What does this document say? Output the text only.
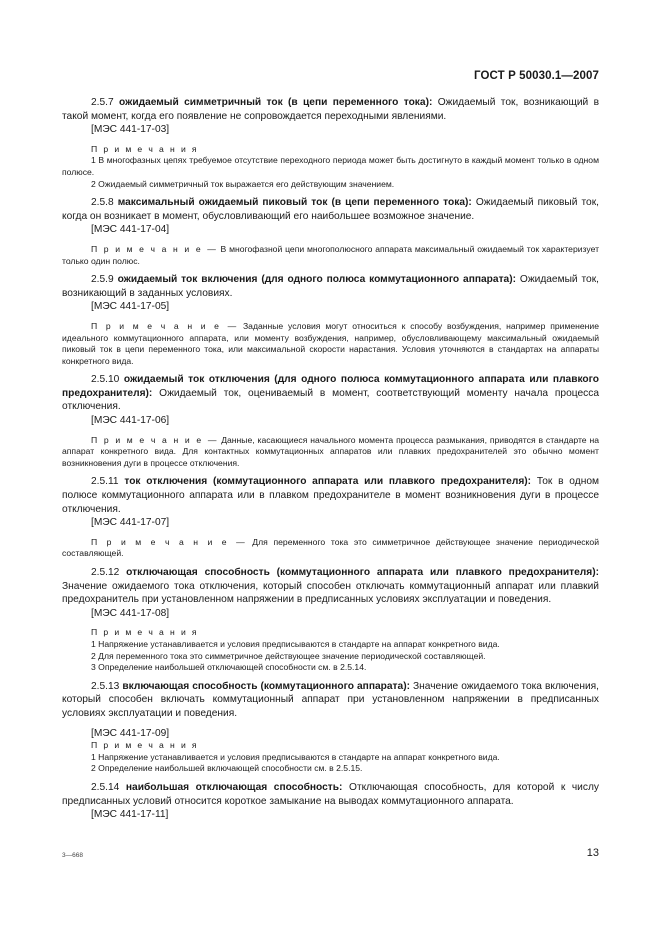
ГОСТ Р 50030.1—2007

2.5.7 ожидаемый симметричный ток (в цепи переменного тока): Ожидаемый ток, возникающий в такой момент, когда его появление не сопровождается переходными явлениями.

[МЭС 441-17-03]

П р и м е ч а н и я

1 В многофазных цепях требуемое отсутствие переходного периода может быть достигнуто в каждый момент только в одном полюсе.

2 Ожидаемый симметричный ток выражается его действующим значением.

2.5.8 максимальный ожидаемый пиковый ток (в цепи переменного тока): Ожидаемый пиковый ток, когда он возникает в момент, обусловливающий его наибольшее возможное значение.

[МЭС 441-17-04]

П р и м е ч а н и е — В многофазной цепи многополюсного аппарата максимальный ожидаемый ток характеризует только один полюс.

2.5.9 ожидаемый ток включения (для одного полюса коммутационного аппарата): Ожидаемый ток, возникающий в заданных условиях.

[МЭС 441-17-05]

П р и м е ч а н и е — Заданные условия могут относиться к способу возбуждения, например применение идеального коммутационного аппарата, или моменту возбуждения, например, обусловливающему максимальный ожидаемый пиковый ток в цепи переменного тока, или максимальной скорости нарастания. Условия уточняются в стандартах на аппараты конкретного вида.

2.5.10 ожидаемый ток отключения (для одного полюса коммутационного аппарата или плавкого предохранителя): Ожидаемый ток, оцениваемый в момент, соответствующий моменту начала процесса отключения.

[МЭС 441-17-06]

П р и м е ч а н и е — Данные, касающиеся начального момента процесса размыкания, приводятся в стандарте на аппарат конкретного вида. Для контактных коммутационных аппаратов или плавких предохранителей это обычно момент возникновения дуги в процессе отключения.

2.5.11 ток отключения (коммутационного аппарата или плавкого предохранителя): Ток в одном полюсе коммутационного аппарата или в плавком предохранителе в момент возникновения дуги в процессе отключения.

[МЭС 441-17-07]

П р и м е ч а н и е — Для переменного тока это симметричное действующее значение периодической составляющей.

2.5.12 отключающая способность (коммутационного аппарата или плавкого предохранителя): Значение ожидаемого тока отключения, который способен отключать коммутационный аппарат или плавкий предохранитель при установленном напряжении в предписанных условиях эксплуатации и поведения.

[МЭС 441-17-08]

П р и м е ч а н и я

1 Напряжение устанавливается и условия предписываются в стандарте на аппарат конкретного вида.

2 Для переменного тока это симметричное действующее значение периодической составляющей.

3 Определение наибольшей отключающей способности см. в 2.5.14.

2.5.13 включающая способность (коммутационного аппарата): Значение ожидаемого тока включения, который способен включать коммутационный аппарат при установленном напряжении в предписанных условиях эксплуатации и поведения.

[МЭС 441-17-09]

П р и м е ч а н и я

1 Напряжение устанавливается и условия предписываются в стандарте на аппарат конкретного вида.

2 Определение наибольшей включающей способности см. в 2.5.15.

2.5.14 наибольшая отключающая способность: Отключающая способность, для которой к числу предписанных условий относится короткое замыкание на выводах коммутационного аппарата.

[МЭС 441-17-11]
3—668	13
